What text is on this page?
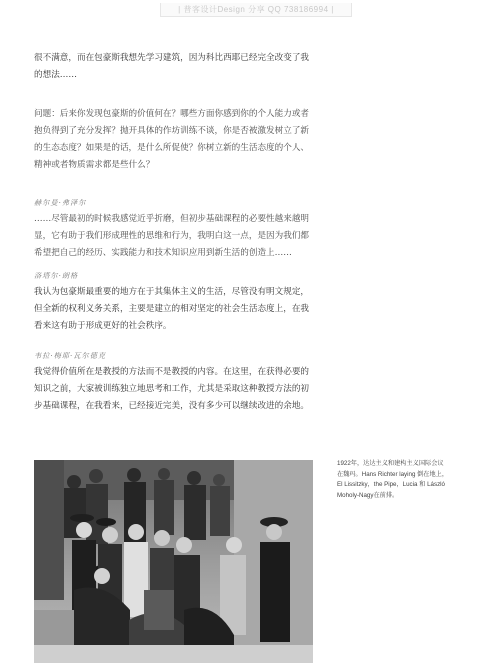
| 普客设计Design 分享 QQ 738186994 |

很不满意，而在包豪斯我想先学习建筑，因为科比西耶已经完全改变了我的想法……

问题：后来你发现包豪斯的价值何在？哪些方面你感到你的个人能力或者抱负得到了充分发挥？抛开具体的作坊训练不谈，你是否被激发树立了新的生态态度？如果是的话，是什么所促使？你树立新的生活态度的个人、精神或者物质需求都是些什么？

赫尔曼·弗泽尔

……尽管最初的时候我感觉近乎折磨，但初步基础课程的必要性越来越明显，它有助于我们形成理性的思维和行为，我明白这一点，是因为我们都希望把自己的经历、实践能力和技术知识应用到新生活的创造上……

洛塔尔·朗格

我认为包豪斯最重要的地方在于其集体主义的生活，尽管没有明文规定，但全新的权利义务关系，主要是建立的相对坚定的社会生活态度上，在我看来这有助于形成更好的社会秩序。

韦拉·梅耶·瓦尔德克

我觉得价值所在是教授的方法而不是教授的内容。在这里，在获得必要的知识之前，大家被训练独立地思考和工作，尤其是采取这种教授方法的初步基础课程，在我看来，已经接近完美，没有多少可以继续改进的余地。

1922年，达达主义和建构主义国际会议在魏玛。Hans Richter laying 倒在地上，El Lissitzky，the Pipe，Lucia 和 László Moholy-Nagy在前排。
